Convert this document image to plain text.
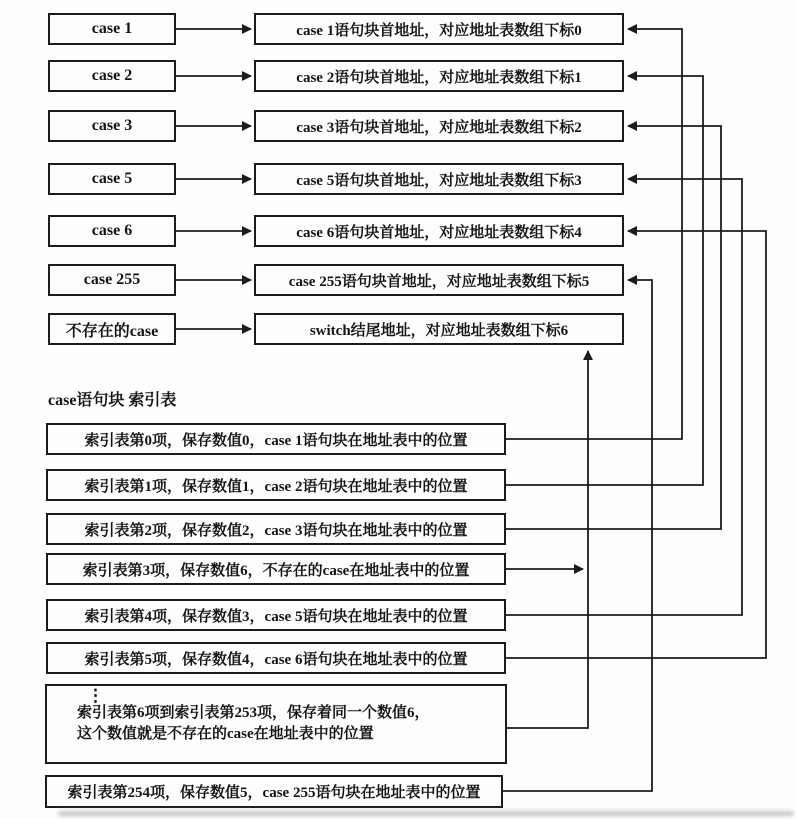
case 1
case 2
case 3
case 5
case 6
case 255
不存在的case
case 1语句块首地址，对应地址表数组下标0
case 2语句块首地址，对应地址表数组下标1
case 3语句块首地址，对应地址表数组下标2
case 5语句块首地址，对应地址表数组下标3
case 6语句块首地址，对应地址表数组下标4
case 255语句块首地址，对应地址表数组下标5
switch结尾地址，对应地址表数组下标6
case语句块 索引表
索引表第0项，保存数值0，case 1语句块在地址表中的位置
索引表第1项，保存数值1，case 2语句块在地址表中的位置
索引表第2项，保存数值2，case 3语句块在地址表中的位置
索引表第3项，保存数值6，不存在的case在地址表中的位置
索引表第4项，保存数值3，case 5语句块在地址表中的位置
索引表第5项，保存数值4，case 6语句块在地址表中的位置
⋮
索引表第6项到索引表第253项，保存着同一个数值6，
这个数值就是不存在的case在地址表中的位置
索引表第254项，保存数值5，case 255语句块在地址表中的位置
